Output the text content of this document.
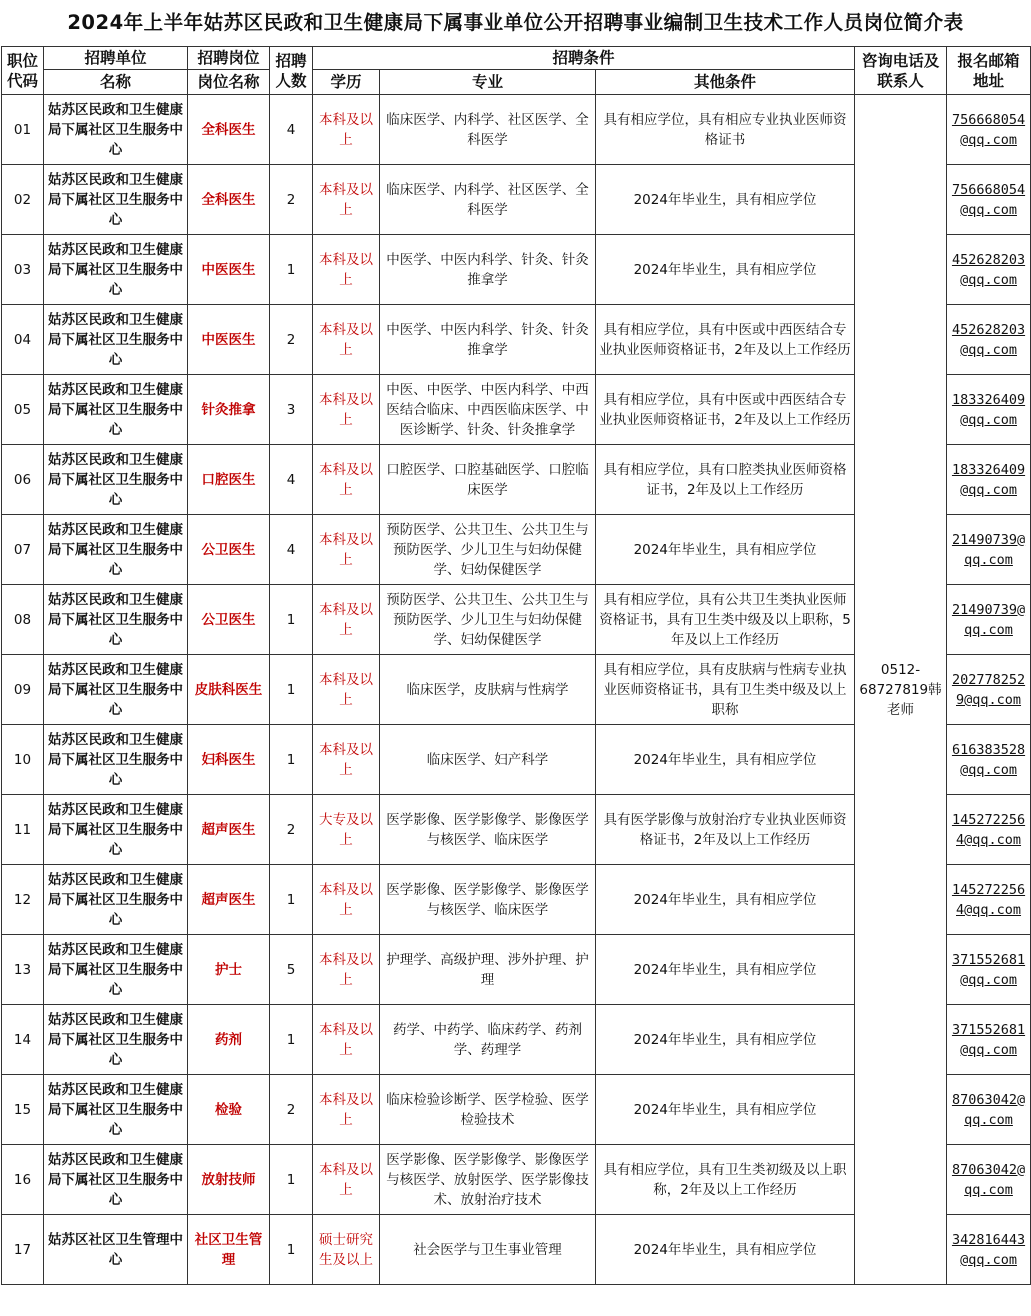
2024年上半年姑苏区民政和卫生健康局下属事业单位公开招聘事业编制卫生技术工作人员岗位简介表
职位代码	招聘单位	招聘岗位	招聘人数	招聘条件			咨询电话及联系人	报名邮箱地址
	名称	岗位名称		学历	专业	其他条件		
01	姑苏区民政和卫生健康局下属社区卫生服务中心	全科医生	4	本科及以上	临床医学、内科学、社区医学、全科医学	具有相应学位，具有相应专业执业医师资格证书	0512-68727819韩老师	756668054@qq.com
02	姑苏区民政和卫生健康局下属社区卫生服务中心	全科医生	2	本科及以上	临床医学、内科学、社区医学、全科医学	2024年毕业生，具有相应学位		756668054@qq.com
03	姑苏区民政和卫生健康局下属社区卫生服务中心	中医医生	1	本科及以上	中医学、中医内科学、针灸、针灸推拿学	2024年毕业生，具有相应学位		452628203@qq.com
04	姑苏区民政和卫生健康局下属社区卫生服务中心	中医医生	2	本科及以上	中医学、中医内科学、针灸、针灸推拿学	具有相应学位，具有中医或中西医结合专业执业医师资格证书，2年及以上工作经历		452628203@qq.com
05	姑苏区民政和卫生健康局下属社区卫生服务中心	针灸推拿	3	本科及以上	中医、中医学、中医内科学、中西医结合临床、中西医临床医学、中医诊断学、针灸、针灸推拿学	具有相应学位，具有中医或中西医结合专业执业医师资格证书，2年及以上工作经历		183326409@qq.com
06	姑苏区民政和卫生健康局下属社区卫生服务中心	口腔医生	4	本科及以上	口腔医学、口腔基础医学、口腔临床医学	具有相应学位，具有口腔类执业医师资格证书，2年及以上工作经历		183326409@qq.com
07	姑苏区民政和卫生健康局下属社区卫生服务中心	公卫医生	4	本科及以上	预防医学、公共卫生、公共卫生与预防医学、少儿卫生与妇幼保健学、妇幼保健医学	2024年毕业生，具有相应学位		21490739@qq.com
08	姑苏区民政和卫生健康局下属社区卫生服务中心	公卫医生	1	本科及以上	预防医学、公共卫生、公共卫生与预防医学、少儿卫生与妇幼保健学、妇幼保健医学	具有相应学位，具有公共卫生类执业医师资格证书，具有卫生类中级及以上职称，5年及以上工作经历		21490739@qq.com
09	姑苏区民政和卫生健康局下属社区卫生服务中心	皮肤科医生	1	本科及以上	临床医学，皮肤病与性病学	具有相应学位，具有皮肤病与性病专业执业医师资格证书，具有卫生类中级及以上职称		2027782529@qq.com
10	姑苏区民政和卫生健康局下属社区卫生服务中心	妇科医生	1	本科及以上	临床医学、妇产科学	2024年毕业生，具有相应学位		616383528@qq.com
11	姑苏区民政和卫生健康局下属社区卫生服务中心	超声医生	2	大专及以上	医学影像、医学影像学、影像医学与核医学、临床医学	具有医学影像与放射治疗专业执业医师资格证书，2年及以上工作经历		1452722564@qq.com
12	姑苏区民政和卫生健康局下属社区卫生服务中心	超声医生	1	本科及以上	医学影像、医学影像学、影像医学与核医学、临床医学	2024年毕业生，具有相应学位		1452722564@qq.com
13	姑苏区民政和卫生健康局下属社区卫生服务中心	护士	5	本科及以上	护理学、高级护理、涉外护理、护理	2024年毕业生，具有相应学位		371552681@qq.com
14	姑苏区民政和卫生健康局下属社区卫生服务中心	药剂	1	本科及以上	药学、中药学、临床药学、药剂学、药理学	2024年毕业生，具有相应学位		371552681@qq.com
15	姑苏区民政和卫生健康局下属社区卫生服务中心	检验	2	本科及以上	临床检验诊断学、医学检验、医学检验技术	2024年毕业生，具有相应学位		87063042@qq.com
16	姑苏区民政和卫生健康局下属社区卫生服务中心	放射技师	1	本科及以上	医学影像、医学影像学、影像医学与核医学、放射医学、医学影像技术、放射治疗技术	具有相应学位，具有卫生类初级及以上职称，2年及以上工作经历		87063042@qq.com
17	姑苏区社区卫生管理中心	社区卫生管理	1	硕士研究生及以上	社会医学与卫生事业管理	2024年毕业生，具有相应学位		342816443@qq.com
